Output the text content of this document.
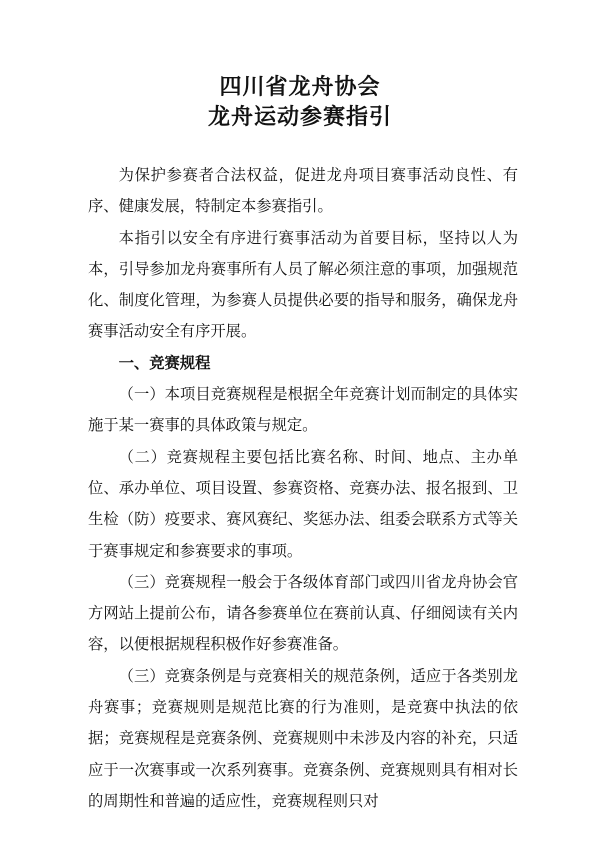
四川省龙舟协会
龙舟运动参赛指引

为保护参赛者合法权益，促进龙舟项目赛事活动良性、有序、健康发展，特制定本参赛指引。

本指引以安全有序进行赛事活动为首要目标，坚持以人为本，引导参加龙舟赛事所有人员了解必须注意的事项，加强规范化、制度化管理，为参赛人员提供必要的指导和服务，确保龙舟赛事活动安全有序开展。

一、竞赛规程

（一）本项目竞赛规程是根据全年竞赛计划而制定的具体实施于某一赛事的具体政策与规定。

（二）竞赛规程主要包括比赛名称、时间、地点、主办单位、承办单位、项目设置、参赛资格、竞赛办法、报名报到、卫生检（防）疫要求、赛风赛纪、奖惩办法、组委会联系方式等关于赛事规定和参赛要求的事项。

（三）竞赛规程一般会于各级体育部门或四川省龙舟协会官方网站上提前公布，请各参赛单位在赛前认真、仔细阅读有关内容，以便根据规程积极作好参赛准备。

（三）竞赛条例是与竞赛相关的规范条例，适应于各类别龙舟赛事；竞赛规则是规范比赛的行为准则，是竞赛中执法的依据；竞赛规程是竞赛条例、竞赛规则中未涉及内容的补充，只适应于一次赛事或一次系列赛事。竞赛条例、竞赛规则具有相对长的周期性和普遍的适应性，竞赛规程则只对
